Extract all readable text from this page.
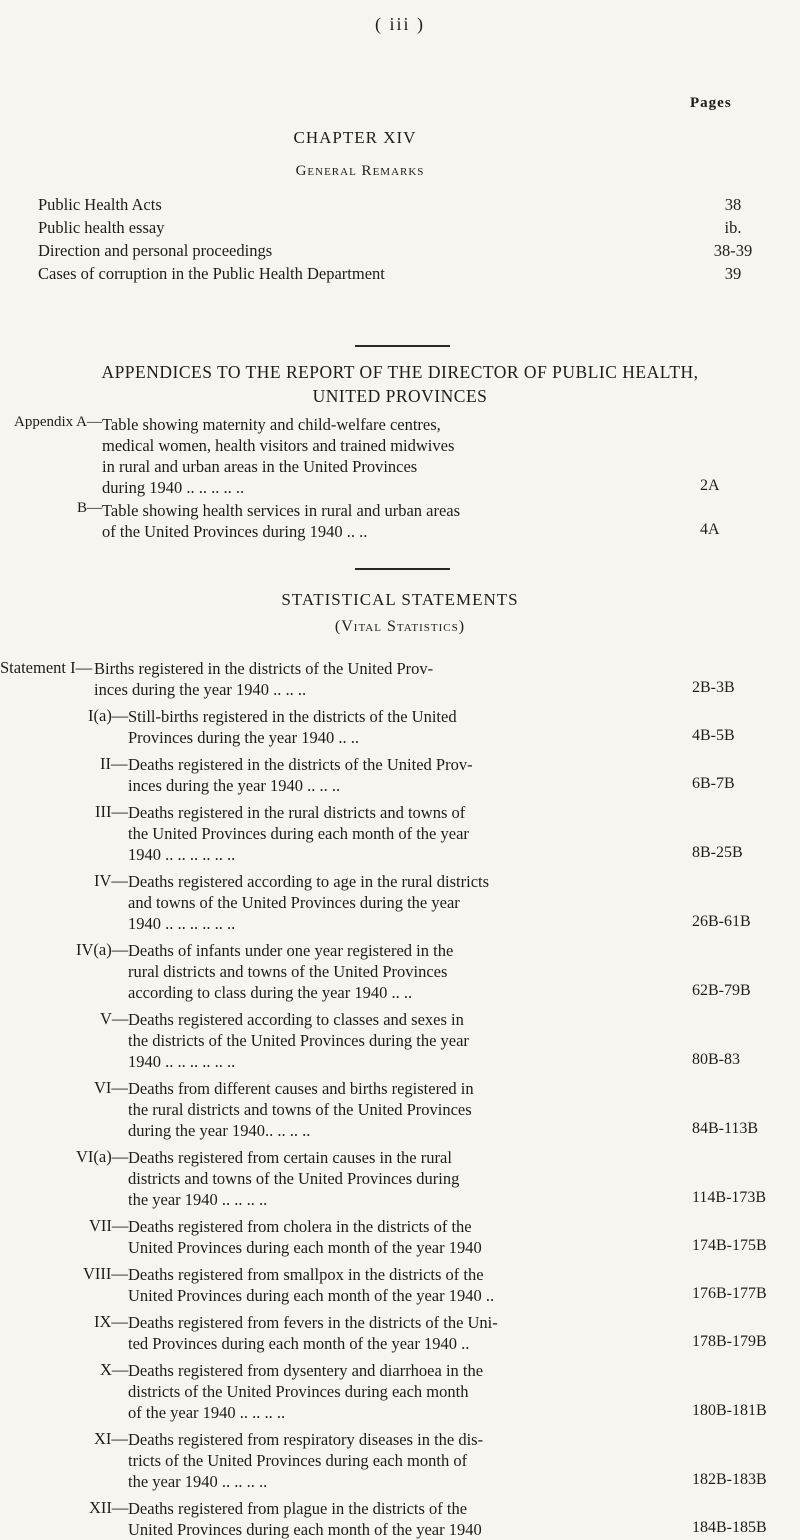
( iii )
Pages
CHAPTER XIV
General Remarks
Public Health Acts	38
Public health essay	ib.
Direction and personal proceedings	38-39
Cases of corruption in the Public Health Department	39
APPENDICES TO THE REPORT OF THE DIRECTOR OF PUBLIC HEALTH,
UNITED PROVINCES
Appendix A— Table showing maternity and child-welfare centres,
medical women, health visitors and trained midwives
in rural and urban areas in the United Provinces
during 1940 .. .. .. .. ..	2A
B— Table showing health services in rural and urban areas
of the United Provinces during 1940 .. ..	4A
STATISTICAL STATEMENTS
(Vital Statistics)
Statement I— Births registered in the districts of the United Prov-
inces during the year 1940 .. .. ..	2B-3B
I(a)— Still-births registered in the districts of the United
Provinces during the year 1940 .. ..	4B-5B
II— Deaths registered in the districts of the United Prov-
inces during the year 1940 .. .. ..	6B-7B
III— Deaths registered in the rural districts and towns of
the United Provinces during each month of the year
1940 .. .. .. .. .. ..	8B-25B
IV— Deaths registered according to age in the rural districts
and towns of the United Provinces during the year
1940 .. .. .. .. .. ..	26B-61B
IV(a)— Deaths of infants under one year registered in the
rural districts and towns of the United Provinces
according to class during the year 1940 .. ..	62B-79B
V— Deaths registered according to classes and sexes in
the districts of the United Provinces during the year
1940 .. .. .. .. .. ..	80B-83
VI— Deaths from different causes and births registered in
the rural districts and towns of the United Provinces
during the year 1940.. .. .. ..	84B-113B
VI(a)— Deaths registered from certain causes in the rural
districts and towns of the United Provinces during
the year 1940 .. .. .. ..	114B-173B
VII— Deaths registered from cholera in the districts of the
United Provinces during each month of the year 1940	174B-175B
VIII— Deaths registered from smallpox in the districts of the
United Provinces during each month of the year 1940 ..	176B-177B
IX— Deaths registered from fevers in the districts of the Uni-
ted Provinces during each month of the year 1940 ..	178B-179B
X— Deaths registered from dysentery and diarrhoea in the
districts of the United Provinces during each month
of the year 1940 .. .. .. ..	180B-181B
XI— Deaths registered from respiratory diseases in the dis-
tricts of the United Provinces during each month of
the year 1940 .. .. .. ..	182B-183B
XII— Deaths registered from plague in the districts of the
United Provinces during each month of the year 1940	184B-185B
